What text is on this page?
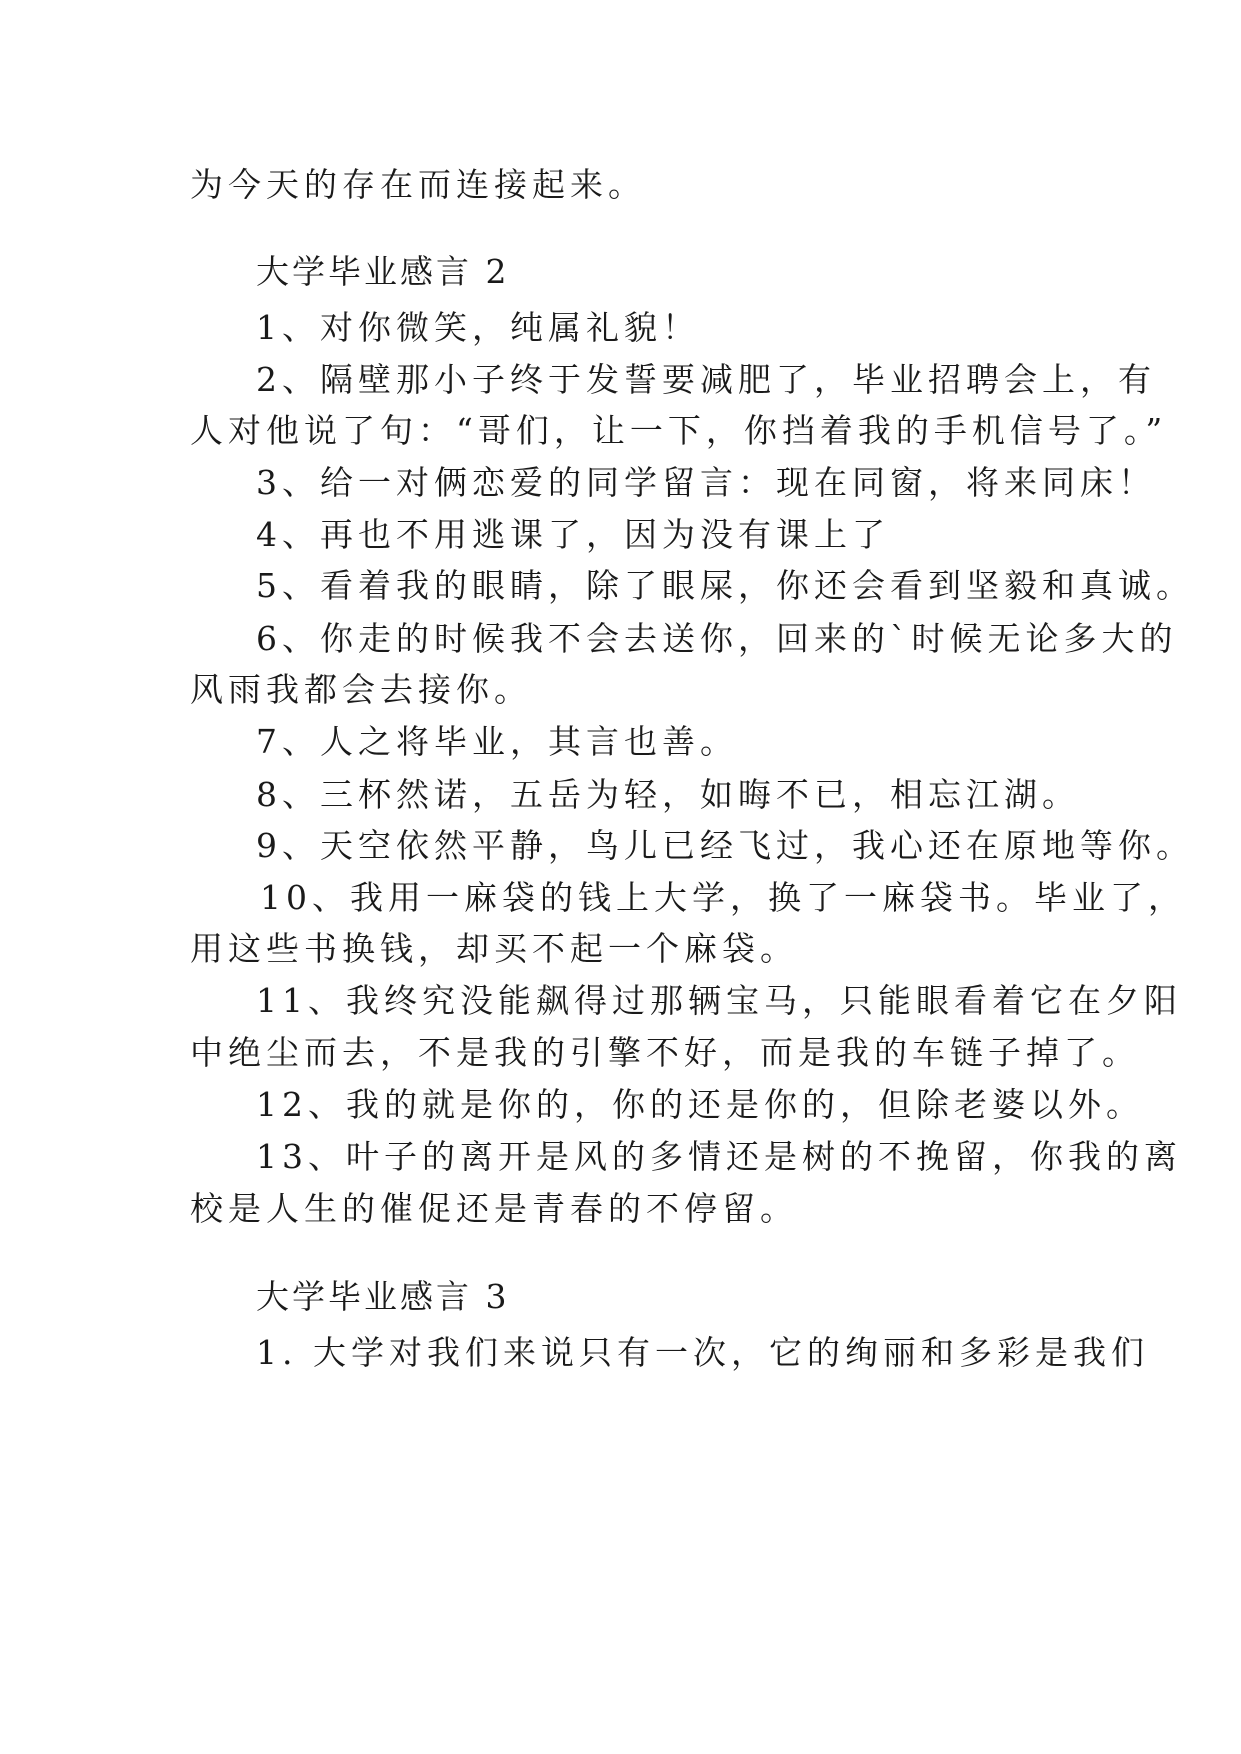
为今天的存在而连接起来。

大学毕业感言 2

1、对你微笑，纯属礼貌！

2、隔壁那小子终于发誓要减肥了，毕业招聘会上，有

人对他说了句：“哥们，让一下，你挡着我的手机信号了。”

3、给一对俩恋爱的同学留言：现在同窗，将来同床！

4、再也不用逃课了，因为没有课上了

5、看着我的眼睛，除了眼屎，你还会看到坚毅和真诚。

6、你走的时候我不会去送你，回来的`时候无论多大的

风雨我都会去接你。

7、人之将毕业，其言也善。

8、三杯然诺，五岳为轻，如晦不已，相忘江湖。

9、天空依然平静，鸟儿已经飞过，我心还在原地等你。

10、我用一麻袋的钱上大学，换了一麻袋书。毕业了，

用这些书换钱，却买不起一个麻袋。

11、我终究没能飙得过那辆宝马，只能眼看着它在夕阳

中绝尘而去，不是我的引擎不好，而是我的车链子掉了。

12、我的就是你的，你的还是你的，但除老婆以外。

13、叶子的离开是风的多情还是树的不挽留，你我的离

校是人生的催促还是青春的不停留。

大学毕业感言 3

1. 大学对我们来说只有一次，它的绚丽和多彩是我们
